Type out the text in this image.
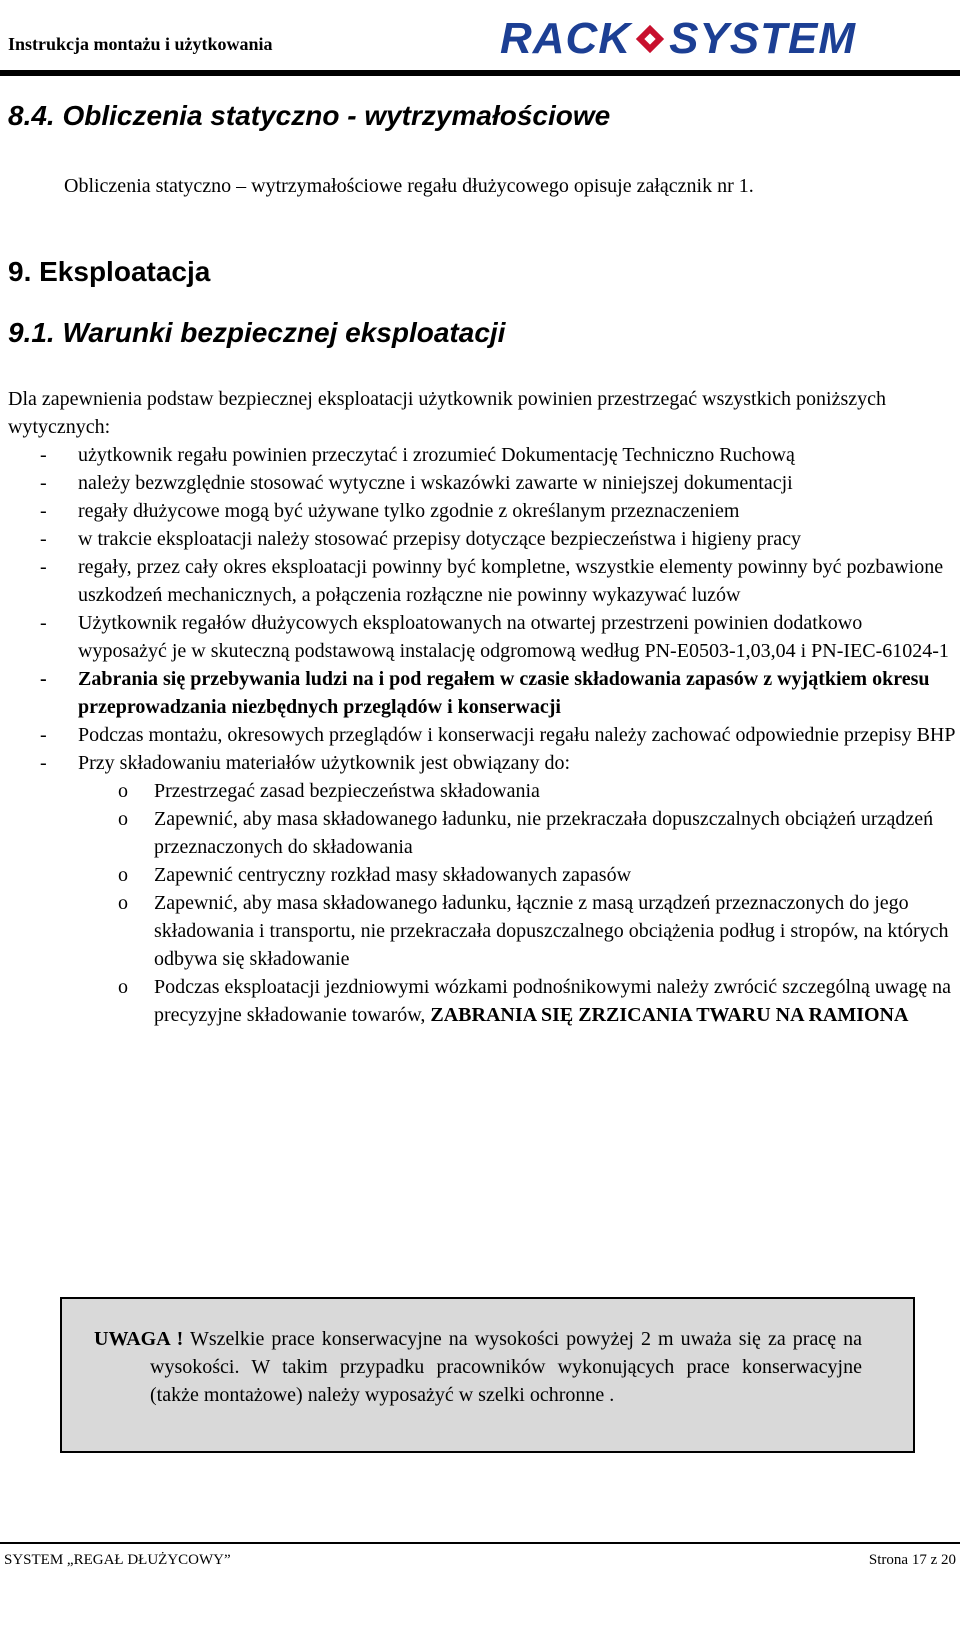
Instrukcja montażu i użytkowania	RACK SYSTEM
8.4. Obliczenia statyczno - wytrzymałościowe
Obliczenia statyczno – wytrzymałościowe regału dłużycowego opisuje załącznik nr 1.
9. Eksploatacja
9.1. Warunki bezpiecznej eksploatacji
Dla zapewnienia podstaw bezpiecznej eksploatacji użytkownik powinien przestrzegać wszystkich poniższych wytycznych:
- użytkownik regału powinien przeczytać i zrozumieć Dokumentację Techniczno Ruchową
- należy bezwzględnie stosować wytyczne i wskazówki zawarte w niniejszej dokumentacji
- regały dłużycowe mogą być używane tylko zgodnie z określanym przeznaczeniem
- w trakcie eksploatacji należy stosować przepisy dotyczące bezpieczeństwa i higieny pracy
- regały, przez cały okres eksploatacji powinny być kompletne, wszystkie elementy powinny być pozbawione uszkodzeń mechanicznych, a połączenia rozłączne nie powinny wykazywać luzów
- Użytkownik regałów dłużycowych eksploatowanych na otwartej przestrzeni powinien dodatkowo wyposażyć je w skuteczną podstawową instalację odgromową według PN-E0503-1,03,04 i PN-IEC-61024-1
- Zabrania się przebywania ludzi na i pod regałem w czasie składowania zapasów z wyjątkiem okresu przeprowadzania niezbędnych przeglądów i konserwacji
- Podczas montażu, okresowych przeglądów i konserwacji regału należy zachować odpowiednie przepisy BHP
- Przy składowaniu materiałów użytkownik jest obwiązany do:
o Przestrzegać zasad bezpieczeństwa składowania
o Zapewnić, aby masa składowanego ładunku, nie przekraczała dopuszczalnych obciążeń urządzeń przeznaczonych do składowania
o Zapewnić centryczny rozkład masy składowanych zapasów
o Zapewnić, aby masa składowanego ładunku, łącznie z masą urządzeń przeznaczonych do jego składowania i transportu, nie przekraczała dopuszczalnego obciążenia podług i stropów, na których odbywa się składowanie
o Podczas eksploatacji jezdniowymi wózkami podnośnikowymi należy zwrócić szczególną uwagę na precyzyjne składowanie towarów, ZABRANIA SIĘ ZRZICANIA TWARU NA RAMIONA
UWAGA ! Wszelkie prace konserwacyjne na wysokości powyżej 2 m uważa się za pracę na wysokości. W takim przypadku pracowników wykonujących prace konserwacyjne (także montażowe) należy wyposażyć w szelki ochronne .
SYSTEM „REGAŁ DŁUŻYCOWY”	Strona 17 z 20
